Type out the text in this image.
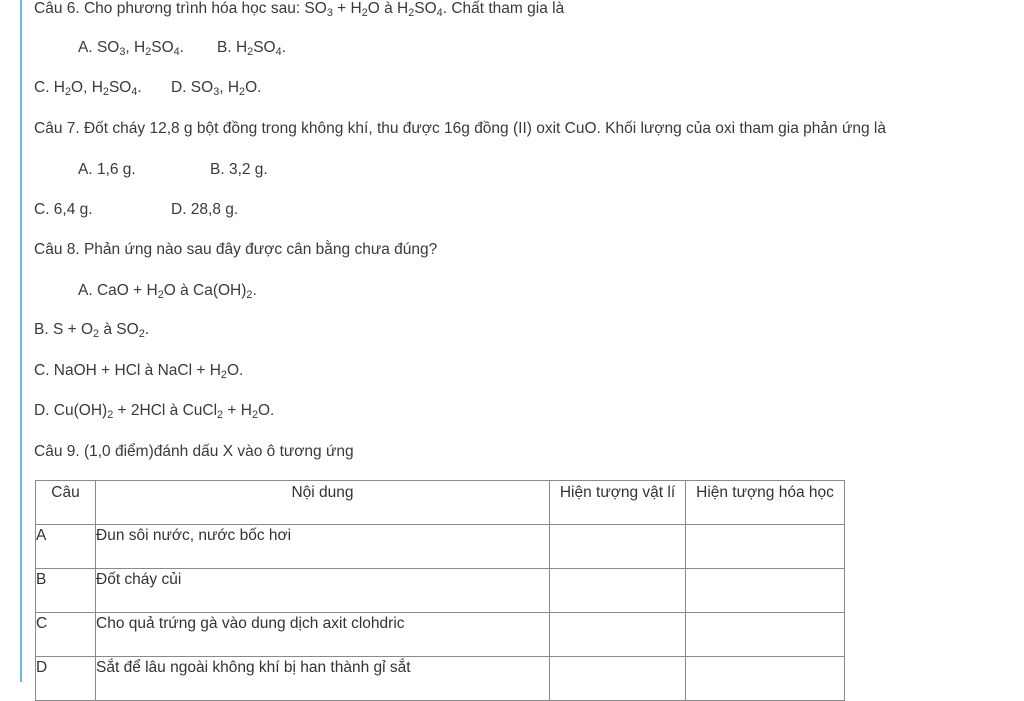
Câu 6. Cho phương trình hóa học sau: $SO_3 + H_2O$ à $H_2SO_4$. Chất tham gia là
A. $SO_3$, $H_2SO_4$. B. $H_2SO_4$.
C. $H_2O$, $H_2SO_4$. D. $SO_3$, $H_2O$.
Câu 7. Đốt cháy 12,8 g bột đồng trong không khí, thu được 16g đồng (II) oxit CuO. Khối lượng của oxi tham gia phản ứng là
A. 1,6 g.	B. 3,2 g.
C. 6,4 g.	D. 28,8 g.
Câu 8. Phản ứng nào sau đây được cân bằng chưa đúng?
A. CaO + $H_2O$ à $Ca(OH)_2$.
B. $S + O_2$ à $SO_2$.
C. NaOH + HCl à NaCl + $H_2O$.
D. $Cu(OH)_2 + 2HCl$ à CuCl$_2$ + $H_2O$.
Câu 9. (1,0 điểm)đánh dấu X vào ô tương ứng
Câu	Nội dung	Hiện tượng vật lí	Hiện tượng hóa học
A	Đun sôi nước, nước bốc hơi		
B	Đốt cháy củi		
C	Cho quả trứng gà vào dung dịch axit clohdric		
D	Sắt để lâu ngoài không khí bị han thành gỉ sắt		
